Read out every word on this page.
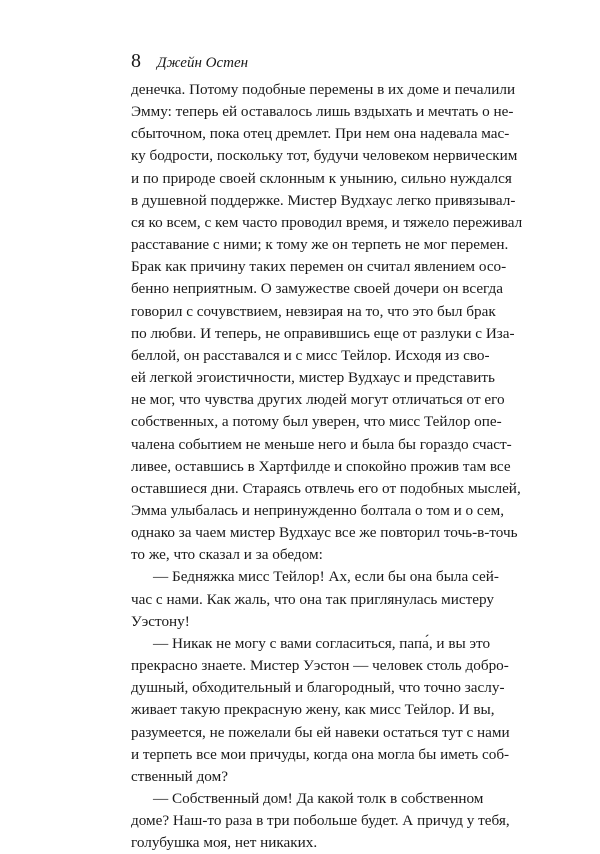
8 Джейн Остен
денечка. Потому подобные перемены в их доме и печалили
Эмму: теперь ей оставалось лишь вздыхать и мечтать о не-
сбыточном, пока отец дремлет. При нем она надевала мас-
ку бодрости, поскольку тот, будучи человеком нервическим
и по природе своей склонным к унынию, сильно нуждался
в душевной поддержке. Мистер Вудхаус легко привязывал-
ся ко всем, с кем часто проводил время, и тяжело переживал
расставание с ними; к тому же он терпеть не мог перемен.
Брак как причину таких перемен он считал явлением осо-
бенно неприятным. О замужестве своей дочери он всегда
говорил с сочувствием, невзирая на то, что это был брак
по любви. И теперь, не оправившись еще от разлуки с Иза-
беллой, он расставался и с мисс Тейлор. Исходя из сво-
ей легкой эгоистичности, мистер Вудхаус и представить
не мог, что чувства других людей могут отличаться от его
собственных, а потому был уверен, что мисс Тейлор опе-
чалена событием не меньше него и была бы гораздо счаст-
ливее, оставшись в Хартфилде и спокойно прожив там все
оставшиеся дни. Стараясь отвлечь его от подобных мыслей,
Эмма улыбалась и непринужденно болтала о том и о сем,
однако за чаем мистер Вудхаус все же повторил точь-в-точь
то же, что сказал и за обедом:
— Бедняжка мисс Тейлор! Ах, если бы она была сей-
час с нами. Как жаль, что она так приглянулась мистеру
Уэстону!
— Никак не могу с вами согласиться, папа́, и вы это
прекрасно знаете. Мистер Уэстон — человек столь добро-
душный, обходительный и благородный, что точно заслу-
живает такую прекрасную жену, как мисс Тейлор. И вы,
разумеется, не пожелали бы ей навеки остаться тут с нами
и терпеть все мои причуды, когда она могла бы иметь соб-
ственный дом?
— Собственный дом! Да какой толк в собственном
доме? Наш-то раза в три побольше будет. А причуд у тебя,
голубушка моя, нет никаких.
